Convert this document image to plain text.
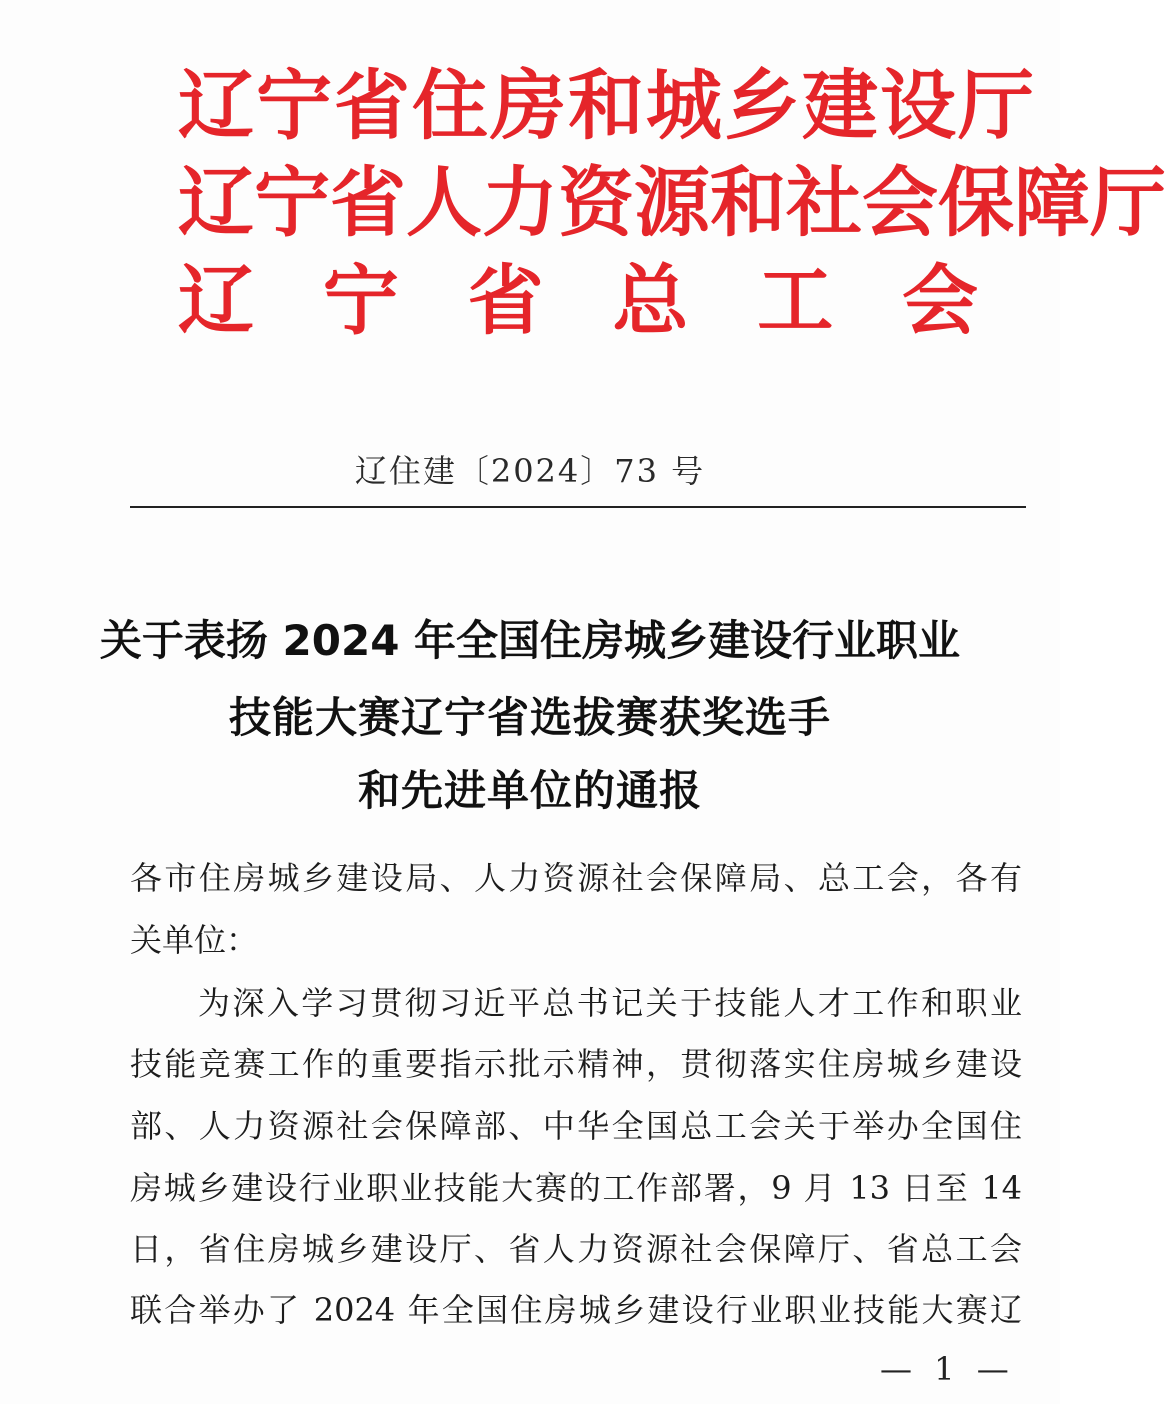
辽宁省住房和城乡建设厅
辽宁省人力资源和社会保障厅
辽 宁 省 总 工 会
辽住建〔2024〕73 号
关于表扬 2024 年全国住房城乡建设行业职业
技能大赛辽宁省选拔赛获奖选手
和先进单位的通报
各市住房城乡建设局、人力资源社会保障局、总工会，各有
关单位：
为深入学习贯彻习近平总书记关于技能人才工作和职业
技能竞赛工作的重要指示批示精神，贯彻落实住房城乡建设
部、人力资源社会保障部、中华全国总工会关于举办全国住
房城乡建设行业职业技能大赛的工作部署，9 月 13 日至 14
日，省住房城乡建设厅、省人力资源社会保障厅、省总工会
联合举办了 2024 年全国住房城乡建设行业职业技能大赛辽
— 1 —
